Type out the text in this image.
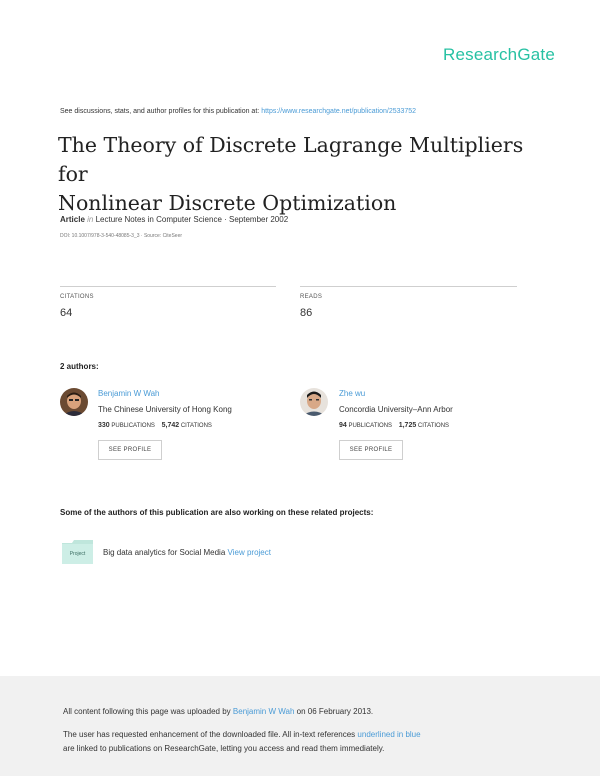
ResearchGate
See discussions, stats, and author profiles for this publication at: https://www.researchgate.net/publication/2533752
The Theory of Discrete Lagrange Multipliers for
Nonlinear Discrete Optimization
Article in Lecture Notes in Computer Science · September 2002
DOI: 10.1007/978-3-540-48085-3_3 · Source: CiteSeer
CITATIONS
64
READS
86
2 authors:
Benjamin W Wah
The Chinese University of Hong Kong
330 PUBLICATIONS 5,742 CITATIONS
SEE PROFILE
Zhe wu
Concordia University–Ann Arbor
94 PUBLICATIONS 1,725 CITATIONS
SEE PROFILE
Some of the authors of this publication are also working on these related projects:
Project Big data analytics for Social Media View project
All content following this page was uploaded by Benjamin W Wah on 06 February 2013.
The user has requested enhancement of the downloaded file. All in-text references underlined in blue
are linked to publications on ResearchGate, letting you access and read them immediately.
